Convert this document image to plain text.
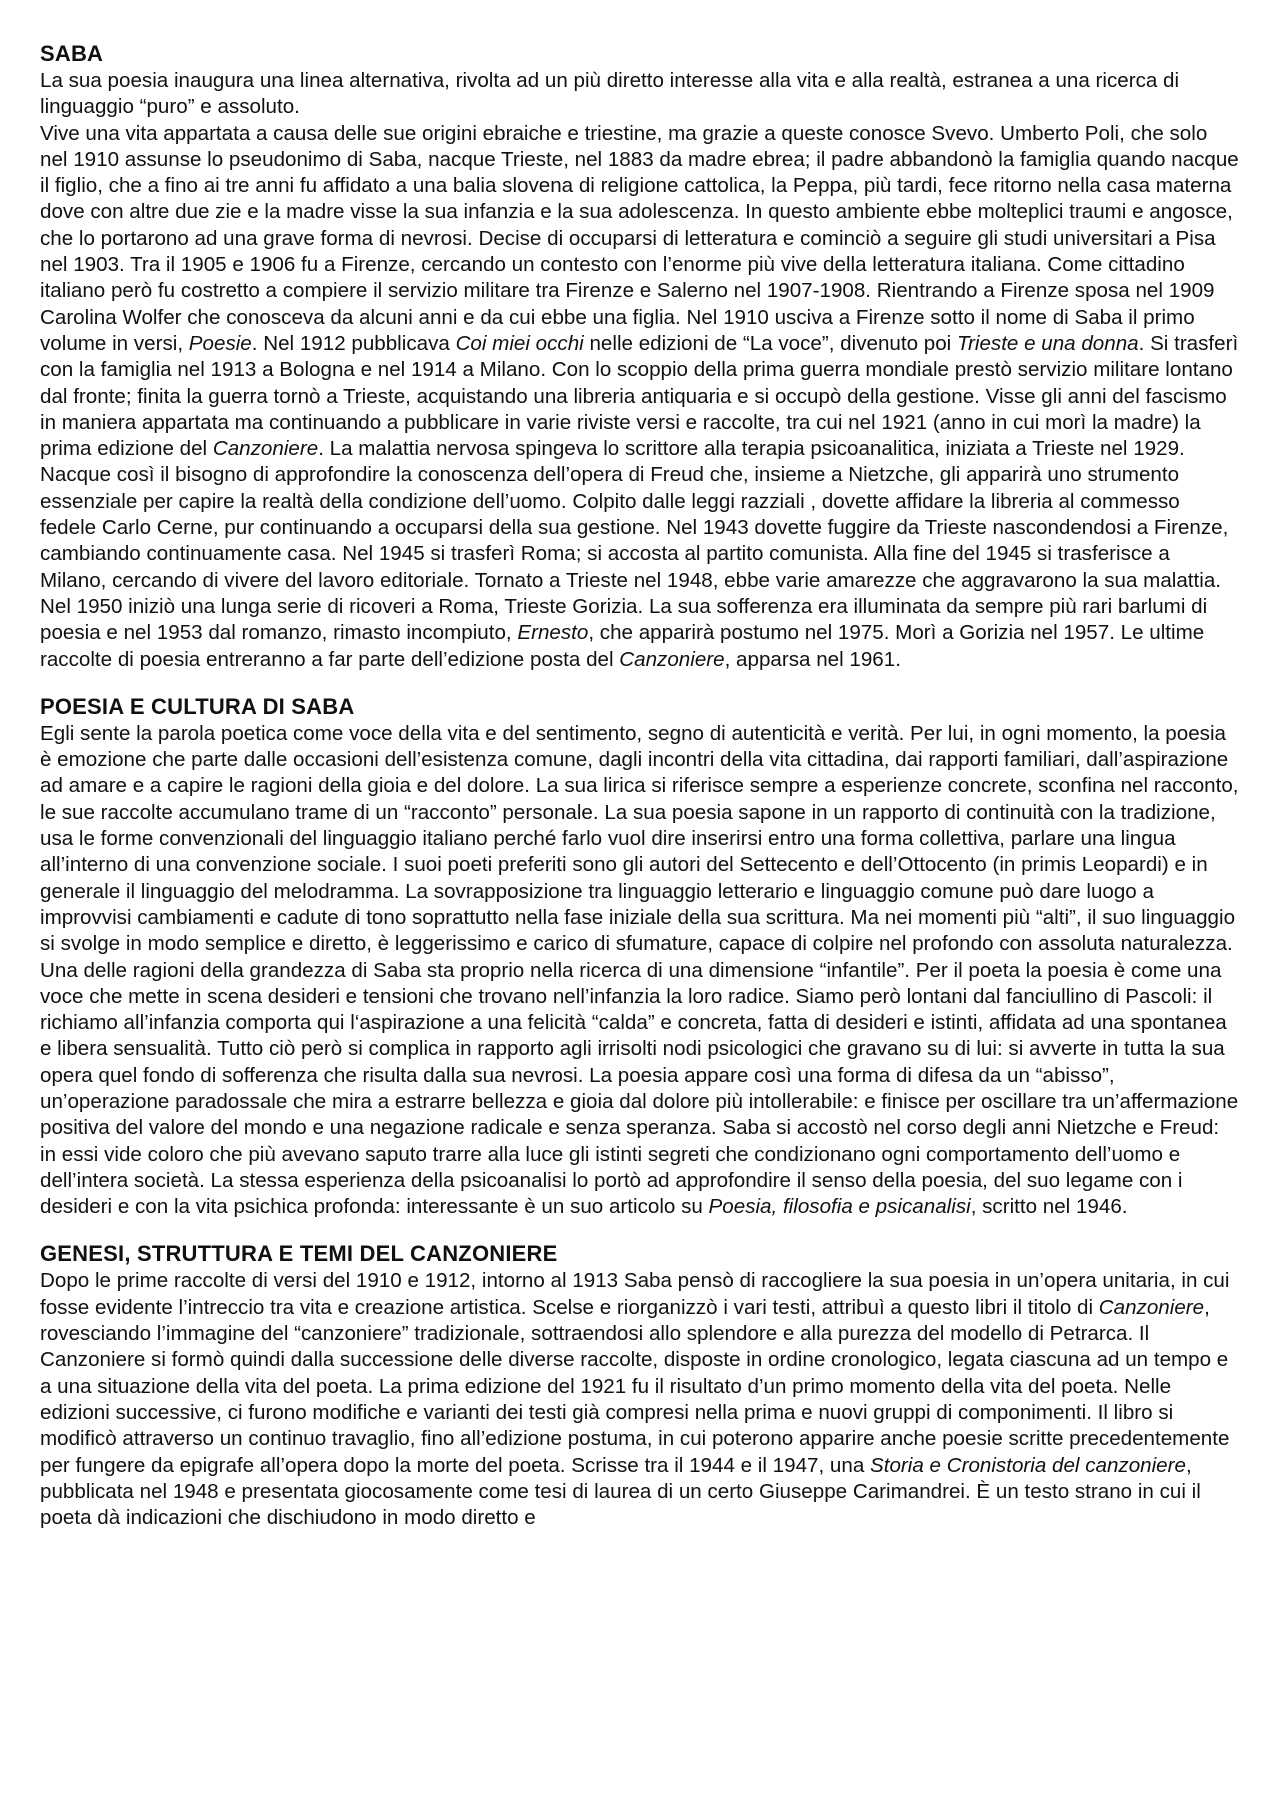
SABA

La sua poesia inaugura una linea alternativa, rivolta ad un più diretto interesse alla vita e alla realtà, estranea a una ricerca di linguaggio “puro” e assoluto.

Vive una vita appartata a causa delle sue origini ebraiche e triestine, ma grazie a queste conosce Svevo. Umberto Poli, che solo nel 1910 assunse lo pseudonimo di Saba, nacque Trieste, nel 1883 da madre ebrea; il padre abbandonò la famiglia quando nacque il figlio, che a fino ai tre anni fu affidato a una balia slovena di religione cattolica, la Peppa, più tardi, fece ritorno nella casa materna dove con altre due zie e la madre visse la sua infanzia e la sua adolescenza. In questo ambiente ebbe molteplici traumi e angosce, che lo portarono ad una grave forma di nevrosi. Decise di occuparsi di letteratura e cominciò a seguire gli studi universitari a Pisa nel 1903. Tra il 1905 e 1906 fu a Firenze, cercando un contesto con l’enorme più vive della letteratura italiana. Come cittadino italiano però fu costretto a compiere il servizio militare tra Firenze e Salerno nel 1907-1908. Rientrando a Firenze sposa nel 1909 Carolina Wolfer che conosceva da alcuni anni e da cui ebbe una figlia. Nel 1910 usciva a Firenze sotto il nome di Saba il primo volume in versi, Poesie. Nel 1912 pubblicava Coi miei occhi nelle edizioni de “La voce”, divenuto poi Trieste e una donna. Si trasferì con la famiglia nel 1913 a Bologna e nel 1914 a Milano. Con lo scoppio della prima guerra mondiale prestò servizio militare lontano dal fronte; finita la guerra tornò a Trieste, acquistando una libreria antiquaria e si occupò della gestione. Visse gli anni del fascismo in maniera appartata ma continuando a pubblicare in varie riviste versi e raccolte, tra cui nel 1921 (anno in cui morì la madre) la prima edizione del Canzoniere. La malattia nervosa spingeva lo scrittore alla terapia psicoanalitica, iniziata a Trieste nel 1929. Nacque così il bisogno di approfondire la conoscenza dell’opera di Freud che, insieme a Nietzche, gli apparirà uno strumento essenziale per capire la realtà della condizione dell’uomo. Colpito dalle leggi razziali , dovette affidare la libreria al commesso fedele Carlo Cerne, pur continuando a occuparsi della sua gestione. Nel 1943 dovette fuggire da Trieste nascondendosi a Firenze, cambiando continuamente casa. Nel 1945 si trasferì Roma; si accosta al partito comunista. Alla fine del 1945 si trasferisce a Milano, cercando di vivere del lavoro editoriale. Tornato a Trieste nel 1948, ebbe varie amarezze che aggravarono la sua malattia. Nel 1950 iniziò una lunga serie di ricoveri a Roma, Trieste Gorizia. La sua sofferenza era illuminata da sempre più rari barlumi di poesia e nel 1953 dal romanzo, rimasto incompiuto, Ernesto, che apparirà postumo nel 1975. Morì a Gorizia nel 1957. Le ultime raccolte di poesia entreranno a far parte dell’edizione posta del Canzoniere, apparsa nel 1961.

POESIA E CULTURA DI SABA

Egli sente la parola poetica come voce della vita e del sentimento, segno di autenticità e verità. Per lui, in ogni momento, la poesia è emozione che parte dalle occasioni dell’esistenza comune, dagli incontri della vita cittadina, dai rapporti familiari, dall’aspirazione ad amare e a capire le ragioni della gioia e del dolore. La sua lirica si riferisce sempre a esperienze concrete, sconfina nel racconto, le sue raccolte accumulano trame di un “racconto” personale. La sua poesia sapone in un rapporto di continuità con la tradizione, usa le forme convenzionali del linguaggio italiano perché farlo vuol dire inserirsi entro una forma collettiva, parlare una lingua all’interno di una convenzione sociale. I suoi poeti preferiti sono gli autori del Settecento e dell’Ottocento (in primis Leopardi) e in generale il linguaggio del melodramma. La sovrapposizione tra linguaggio letterario e linguaggio comune può dare luogo a improvvisi cambiamenti e cadute di tono soprattutto nella fase iniziale della sua scrittura. Ma nei momenti più “alti”, il suo linguaggio si svolge in modo semplice e diretto, è leggerissimo e carico di sfumature, capace di colpire nel profondo con assoluta naturalezza. Una delle ragioni della grandezza di Saba sta proprio nella ricerca di una dimensione “infantile”. Per il poeta la poesia è come una voce che mette in scena desideri e tensioni che trovano nell’infanzia la loro radice. Siamo però lontani dal fanciullino di Pascoli: il richiamo all’infanzia comporta qui l‘aspirazione a una felicità “calda” e concreta, fatta di desideri e istinti, affidata ad una spontanea e libera sensualità. Tutto ciò però si complica in rapporto agli irrisolti nodi psicologici che gravano su di lui: si avverte in tutta la sua opera quel fondo di sofferenza che risulta dalla sua nevrosi. La poesia appare così una forma di difesa da un “abisso”, un’operazione paradossale che mira a estrarre bellezza e gioia dal dolore più intollerabile: e finisce per oscillare tra un’affermazione positiva del valore del mondo e una negazione radicale e senza speranza. Saba si accostò nel corso degli anni Nietzche e Freud: in essi vide coloro che più avevano saputo trarre alla luce gli istinti segreti che condizionano ogni comportamento dell’uomo e dell’intera società. La stessa esperienza della psicoanalisi lo portò ad approfondire il senso della poesia, del suo legame con i desideri e con la vita psichica profonda: interessante è un suo articolo su Poesia, filosofia e psicanalisi, scritto nel 1946.

GENESI, STRUTTURA E TEMI DEL CANZONIERE

Dopo le prime raccolte di versi del 1910 e 1912, intorno al 1913 Saba pensò di raccogliere la sua poesia in un’opera unitaria, in cui fosse evidente l’intreccio tra vita e creazione artistica. Scelse e riorganizzò i vari testi, attribuì a questo libri il titolo di Canzoniere, rovesciando l’immagine del “canzoniere” tradizionale, sottraendosi allo splendore e alla purezza del modello di Petrarca. Il Canzoniere si formò quindi dalla successione delle diverse raccolte, disposte in ordine cronologico, legata ciascuna ad un tempo e a una situazione della vita del poeta. La prima edizione del 1921 fu il risultato d’un primo momento della vita del poeta. Nelle edizioni successive, ci furono modifiche e varianti dei testi già compresi nella prima e nuovi gruppi di componimenti. Il libro si modificò attraverso un continuo travaglio, fino all’edizione postuma, in cui poterono apparire anche poesie scritte precedentemente per fungere da epigrafe all’opera dopo la morte del poeta. Scrisse tra il 1944 e il 1947, una Storia e Cronistoria del canzoniere, pubblicata nel 1948 e presentata giocosamente come tesi di laurea di un certo Giuseppe Carimandrei. È un testo strano in cui il poeta dà indicazioni che dischiudono in modo diretto e
